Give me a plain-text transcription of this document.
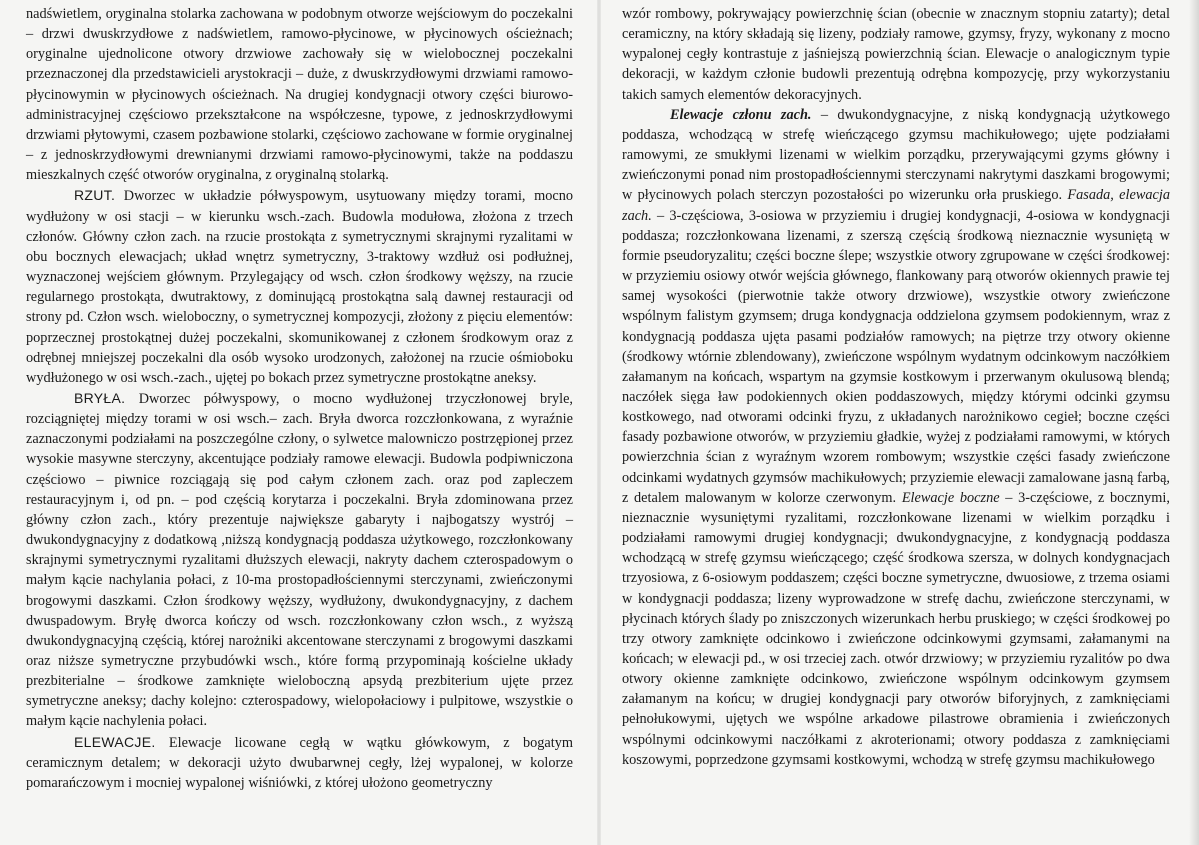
nadświetlem, oryginalna stolarka zachowana w podobnym otworze wejściowym do poczekalni – drzwi dwuskrzydłowe z nadświetlem, ramowo-płycinowe, w płycinowych ościeżnach; oryginalne ujednolicone otwory drzwiowe zachowały się w wielobocznej poczekalni przeznaczonej dla przedstawicieli arystokracji – duże, z dwuskrzydłowymi drzwiami ramowo-płycinowymin w płycinowych ościeżnach. Na drugiej kondygnacji otwory części biurowo-administracyjnej częściowo przekształcone na współczesne, typowe, z jednoskrzydłowymi drzwiami płytowymi, czasem pozbawione stolarki, częściowo zachowane w formie oryginalnej – z jednoskrzydłowymi drewnianymi drzwiami ramowo-płycinowymi, także na poddaszu mieszkalnych część otworów oryginalna, z oryginalną stolarką.

RZUT. Dworzec w układzie półwyspowym, usytuowany między torami, mocno wydłużony w osi stacji – w kierunku wsch.-zach. Budowla modułowa, złożona z trzech członów. Główny człon zach. na rzucie prostokąta z symetrycznymi skrajnymi ryzalitami w obu bocznych elewacjach; układ wnętrz symetryczny, 3-traktowy wzdłuż osi podłużnej, wyznaczonej wejściem głównym. Przylegający od wsch. człon środkowy węższy, na rzucie regularnego prostokąta, dwutraktowy, z dominującą prostokątna salą dawnej restauracji od strony pd. Człon wsch. wieloboczny, o symetrycznej kompozycji, złożony z pięciu elementów: poprzecznej prostokątnej dużej poczekalni, skomunikowanej z członem środkowym oraz z odrębnej mniejszej poczekalni dla osób wysoko urodzonych, założonej na rzucie ośmioboku wydłużonego w osi wsch.-zach., ujętej po bokach przez symetryczne prostokątne aneksy.

BRYŁA. Dworzec półwyspowy, o mocno wydłużonej trzyczłonowej bryle, rozciągniętej między torami w osi wsch.– zach. Bryła dworca rozczłonkowana, z wyraźnie zaznaczonymi podziałami na poszczególne człony, o sylwetce malowniczo postrzępionej przez wysokie masywne sterczyny, akcentujące podziały ramowe elewacji. Budowla podpiwniczona częściowo – piwnice rozciągają się pod całym członem zach. oraz pod zapleczem restauracyjnym i, od pn. – pod częścią korytarza i poczekalni. Bryła zdominowana przez główny człon zach., który prezentuje największe gabaryty i najbogatszy wystrój – dwukondygnacyjny z dodatkową ,niższą kondygnacją poddasza użytkowego, rozczłonkowany skrajnymi symetrycznymi ryzalitami dłuższych elewacji, nakryty dachem czterospadowym o małym kącie nachylania połaci, z 10-ma prostopadłościennymi sterczynami, zwieńczonymi brogowymi daszkami. Człon środkowy węższy, wydłużony, dwukondygnacyjny, z dachem dwuspadowym. Bryłę dworca kończy od wsch. rozczłonkowany człon wsch., z wyższą dwukondygnacyjną częścią, której narożniki akcentowane sterczynami z brogowymi daszkami oraz niższe symetryczne przybudówki wsch., które formą przypominają kościelne układy prezbiterialne – środkowe zamknięte wieloboczną apsydą prezbiterium ujęte przez symetryczne aneksy; dachy kolejno: czterospadowy, wielopołaciowy i pulpitowe, wszystkie o małym kącie nachylenia połaci.

ELEWACJE. Elewacje licowane cegłą w wątku główkowym, z bogatym ceramicznym detalem; w dekoracji użyto dwubarwnej cegły, lżej wypalonej, w kolorze pomarańczowym i mocniej wypalonej wiśniówki, z której ułożono geometryczny

wzór rombowy, pokrywający powierzchnię ścian (obecnie w znacznym stopniu zatarty); detal ceramiczny, na który składają się lizeny, podziały ramowe, gzymsy, fryzy, wykonany z mocno wypalonej cegły kontrastuje z jaśniejszą powierzchnią ścian. Elewacje o analogicznym typie dekoracji, w każdym członie budowli prezentują odrębna kompozycję, przy wykorzystaniu takich samych elementów dekoracyjnych.

Elewacje członu zach. – dwukondygnacyjne, z niską kondygnacją użytkowego poddasza, wchodzącą w strefę wieńczącego gzymsu machikułowego; ujęte podziałami ramowymi, ze smukłymi lizenami w wielkim porządku, przerywającymi gzyms główny i zwieńczonymi ponad nim prostopadłościennymi sterczynami nakrytymi daszkami brogowymi; w płycinowych polach sterczyn pozostałości po wizerunku orła pruskiego. Fasada, elewacja zach. – 3-częściowa, 3-osiowa w przyziemiu i drugiej kondygnacji, 4-osiowa w kondygnacji poddasza; rozczłonkowana lizenami, z szerszą częścią środkową nieznacznie wysuniętą w formie pseudoryzalitu; części boczne ślepe; wszystkie otwory zgrupowane w części środkowej: w przyziemiu osiowy otwór wejścia głównego, flankowany parą otworów okiennych prawie tej samej wysokości (pierwotnie także otwory drzwiowe), wszystkie otwory zwieńczone wspólnym falistym gzymsem; druga kondygnacja oddzielona gzymsem podokiennym, wraz z kondygnacją poddasza ujęta pasami podziałów ramowych; na piętrze trzy otwory okienne (środkowy wtórnie zblendowany), zwieńczone wspólnym wydatnym odcinkowym naczółkiem załamanym na końcach, wspartym na gzymsie kostkowym i przerwanym okulusową blendą; naczółek sięga ław podokiennych okien poddaszowych, między którymi odcinki gzymsu kostkowego, nad otworami odcinki fryzu, z układanych narożnikowo cegieł; boczne części fasady pozbawione otworów, w przyziemiu gładkie, wyżej z podziałami ramowymi, w których powierzchnia ścian z wyraźnym wzorem rombowym; wszystkie części fasady zwieńczone odcinkami wydatnych gzymsów machikułowych; przyziemie elewacji zamalowane jasną farbą, z detalem malowanym w kolorze czerwonym. Elewacje boczne – 3-częściowe, z bocznymi, nieznacznie wysuniętymi ryzalitami, rozczłonkowane lizenami w wielkim porządku i podziałami ramowymi drugiej kondygnacji; dwukondygnacyjne, z kondygnacją poddasza wchodzącą w strefę gzymsu wieńczącego; część środkowa szersza, w dolnych kondygnacjach trzyosiowa, z 6-osiowym poddaszem; części boczne symetryczne, dwuosiowe, z trzema osiami w kondygnacji poddasza; lizeny wyprowadzone w strefę dachu, zwieńczone sterczynami, w płycinach których ślady po zniszczonych wizerunkach herbu pruskiego; w części środkowej po trzy otwory zamknięte odcinkowo i zwieńczone odcinkowymi gzymsami, załamanymi na końcach; w elewacji pd., w osi trzeciej zach. otwór drzwiowy; w przyziemiu ryzalitów po dwa otwory okienne zamknięte odcinkowo, zwieńczone wspólnym odcinkowym gzymsem załamanym na końcu; w drugiej kondygnacji pary otworów biforyjnych, z zamknięciami pełnołukowymi, ujętych we wspólne arkadowe pilastrowe obramienia i zwieńczonych wspólnymi odcinkowymi naczółkami z akroterionami; otwory poddasza z zamknięciami koszowymi, poprzedzone gzymsami kostkowymi, wchodzą w strefę gzymsu machikułowego
